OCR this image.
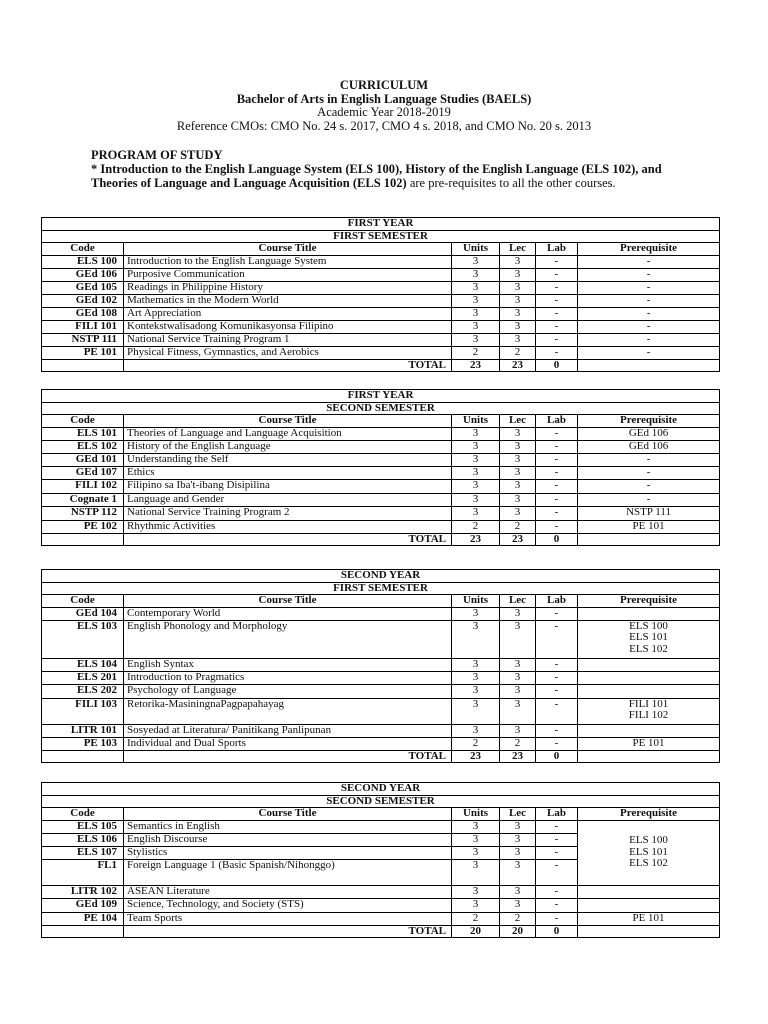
CURRICULUM
Bachelor of Arts in English Language Studies (BAELS)
Academic Year 2018-2019
Reference CMOs: CMO No. 24 s. 2017, CMO 4 s. 2018, and CMO No. 20 s. 2013
PROGRAM OF STUDY
* Introduction to the English Language System (ELS 100), History of the English Language (ELS 102), and Theories of Language and Language Acquisition (ELS 102) are pre-requisites to all the other courses.
FIRST YEAR					
FIRST SEMESTER					
Code	Course Title	Units	Lec	Lab	Prerequisite
ELS 100	Introduction to the English Language System	3	3	-	-

GEd 106	Purposive Communication	3	3	-	-

GEd 105	Readings in Philippine History	3	3	-	-

GEd 102	Mathematics in the Modern World	3	3	-	-

GEd 108	Art Appreciation	3	3	-	-

FILI 101	Kontekstwalisadong Komunikasyonsa Filipino	3	3	-	-

NSTP 111	National Service Training Program 1	3	3	-	-

PE 101	Physical Fitness, Gymnastics, and Aerobics	2	2	-	-

	TOTAL	23	23	0	
FIRST YEAR					
SECOND SEMESTER					
Code	Course Title	Units	Lec	Lab	Prerequisite
ELS 101	Theories of Language and Language Acquisition	3	3	-	GEd 106

ELS 102	History of the English Language	3	3	-	GEd 106

GEd 101	Understanding the Self	3	3	-	-

GEd 107	Ethics	3	3	-	-

FILI 102	Filipino sa Iba't-ibang Disipilina	3	3	-	-

Cognate 1	Language and Gender	3	3	-	-

NSTP 112	National Service Training Program 2	3	3	-	NSTP 111

PE 102	Rhythmic Activities	2	2	-	PE 101

	TOTAL	23	23	0	
SECOND YEAR					
FIRST SEMESTER					
Code	Course Title	Units	Lec	Lab	Prerequisite
GEd 104	Contemporary World	3	3	-	

ELS 103	English Phonology and Morphology	3	3	-	ELS 100
ELS 101
ELS 102

ELS 104	English Syntax	3	3	-	

ELS 201	Introduction to Pragmatics	3	3	-	

ELS 202	Psychology of Language	3	3	-	

FILI 103	Retorika-MasiningnaPagpapahayag	3	3	-	FILI 101
FILI 102

LITR 101	Sosyedad at Literatura/ Panitikang Panlipunan	3	3	-	

PE 103	Individual and Dual Sports	2	2	-	PE 101

	TOTAL	23	23	0	
SECOND YEAR					
SECOND SEMESTER					
Code	Course Title	Units	Lec	Lab	Prerequisite
ELS 105	Semantics in English	3	3	-	ELS 100
ELS 101
ELS 102

ELS 106	English Discourse	3	3	-	
ELS 107	Stylistics	3	3	-	
FL1	Foreign Language 1 (Basic Spanish/Nihonggo)	3	3	-	
LITR 102	ASEAN Literature	3	3	-	

GEd 109	Science, Technology, and Society (STS)	3	3	-	

PE 104	Team Sports	2	2	-	PE 101

	TOTAL	20	20	0	
